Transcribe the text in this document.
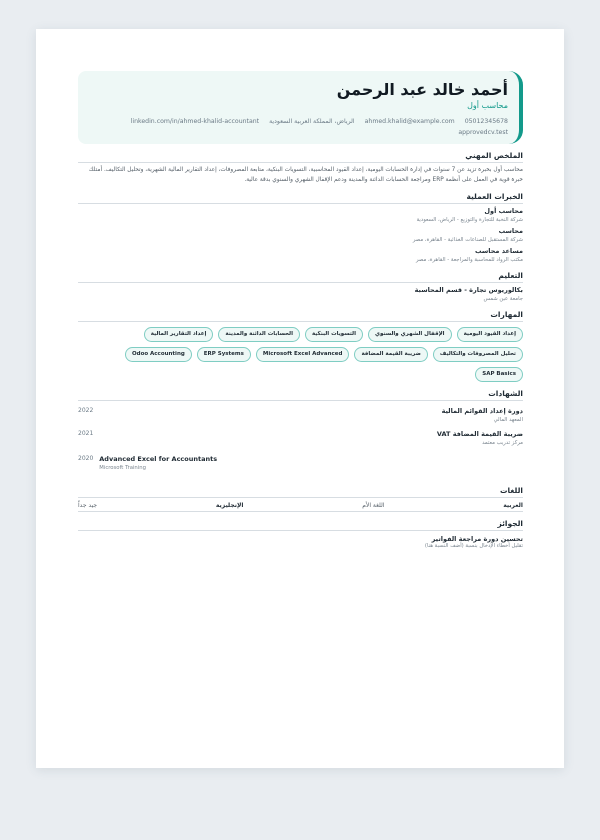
أحمد خالد عبد الرحمن
محاسب أول
05012345678 ahmed.khalid@example.com الرياض، المملكة العربية السعودية linkedin.com/in/ahmed-khalid-accountant
approvedcv.test
الملخص المهني
محاسب أول بخبرة تزيد عن 7 سنوات في إدارة الحسابات اليومية، إعداد القيود المحاسبية، التسويات البنكية، متابعة المصروفات، إعداد التقارير المالية الشهرية، وتحليل التكاليف. أمتلك خبرة قوية في العمل على أنظمة ERP ومراجعة الحسابات الدائنة والمدينة ودعم الإقفال الشهري والسنوي بدقة عالية.
الخبرات العملية
محاسب أول
شركة النخبة للتجارة والتوزيع - الرياض، السعودية
محاسب
شركة المستقبل للصناعات الغذائية - القاهرة، مصر
مساعد محاسب
مكتب الرواد للمحاسبة والمراجعة - القاهرة، مصر
التعليم
بكالوريوس تجارة - قسم المحاسبة
جامعة عين شمس
المهارات
إعداد القيود اليومية
الإقفال الشهري والسنوي
التسويات البنكية
الحسابات الدائنة والمدينة
إعداد التقارير المالية
تحليل المصروفات والتكاليف
ضريبة القيمة المضافة
Microsoft Excel Advanced
ERP Systems
Odoo Accounting
SAP Basics
الشهادات
دورة إعداد القوائم المالية
المعهد المالي
2022
ضريبة القيمة المضافة VAT
مركز تدريب معتمد
2021
2020 Advanced Excel for Accountants
Microsoft Training
اللغات
العربية
اللغة الأم
الإنجليزية
جيد جداً
الجوائز
تحسين دورة مراجعة الفواتير
تقليل أخطاء الإدخال بنسبة (أضف النسبة هنا)
